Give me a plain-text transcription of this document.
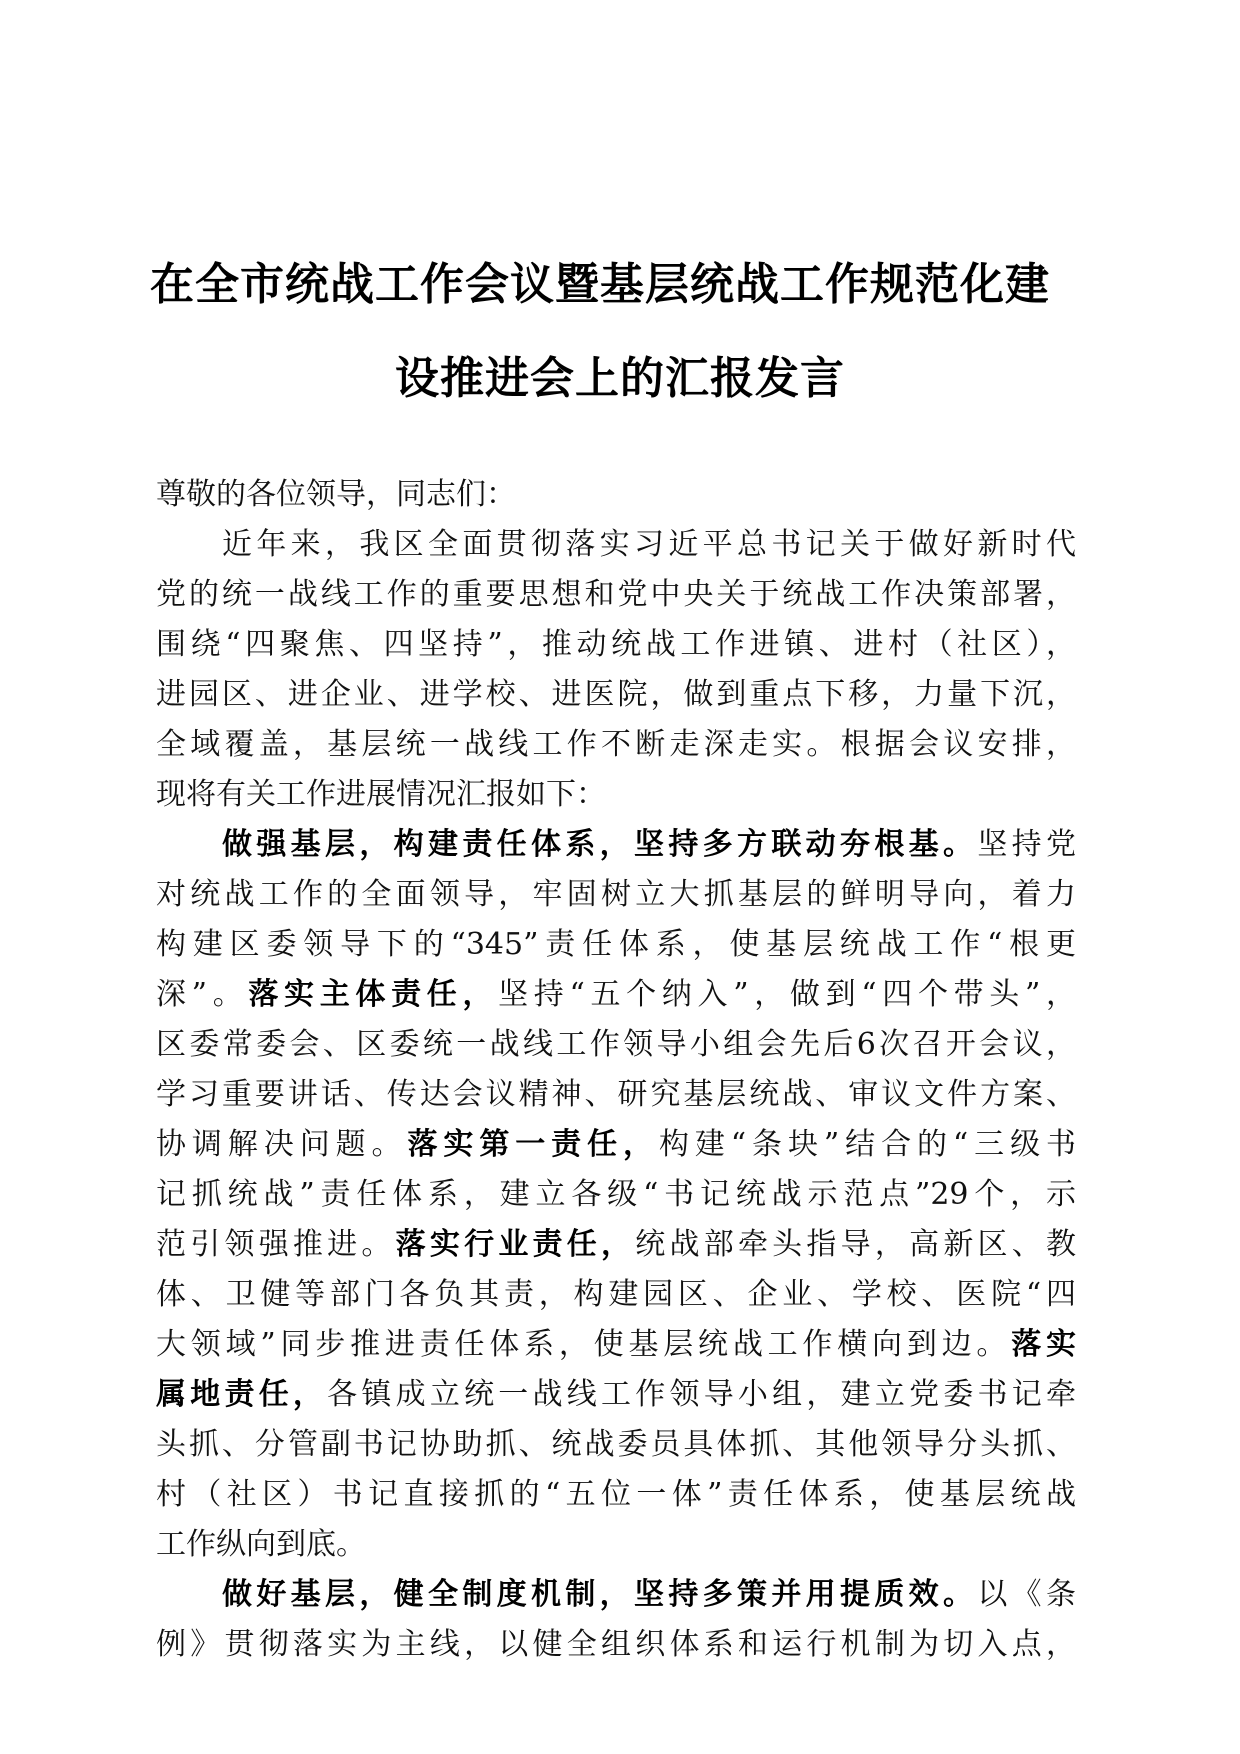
在全市统战工作会议暨基层统战工作规范化建
设推进会上的汇报发言
尊敬的各位领导，同志们：
近年来，我区全面贯彻落实习近平总书记关于做好新时代
党的统一战线工作的重要思想和党中央关于统战工作决策部署，
围绕“四聚焦、四坚持”，推动统战工作进镇、进村（社区），
进园区、进企业、进学校、进医院，做到重点下移，力量下沉，
全域覆盖，基层统一战线工作不断走深走实。根据会议安排，
现将有关工作进展情况汇报如下：
做强基层，构建责任体系，坚持多方联动夯根基。坚持党
对统战工作的全面领导，牢固树立大抓基层的鲜明导向，着力
构建区委领导下的“345”责任体系，使基层统战工作“根更
深”。落实主体责任，坚持“五个纳入”，做到“四个带头”，
区委常委会、区委统一战线工作领导小组会先后6次召开会议，
学习重要讲话、传达会议精神、研究基层统战、审议文件方案、
协调解决问题。落实第一责任，构建“条块”结合的“三级书
记抓统战”责任体系，建立各级“书记统战示范点”29个，示
范引领强推进。落实行业责任，统战部牵头指导，高新区、教
体、卫健等部门各负其责，构建园区、企业、学校、医院“四
大领域”同步推进责任体系，使基层统战工作横向到边。落实
属地责任，各镇成立统一战线工作领导小组，建立党委书记牵
头抓、分管副书记协助抓、统战委员具体抓、其他领导分头抓、
村（社区）书记直接抓的“五位一体”责任体系，使基层统战
工作纵向到底。
做好基层，健全制度机制，坚持多策并用提质效。以《条
例》贯彻落实为主线，以健全组织体系和运行机制为切入点，
